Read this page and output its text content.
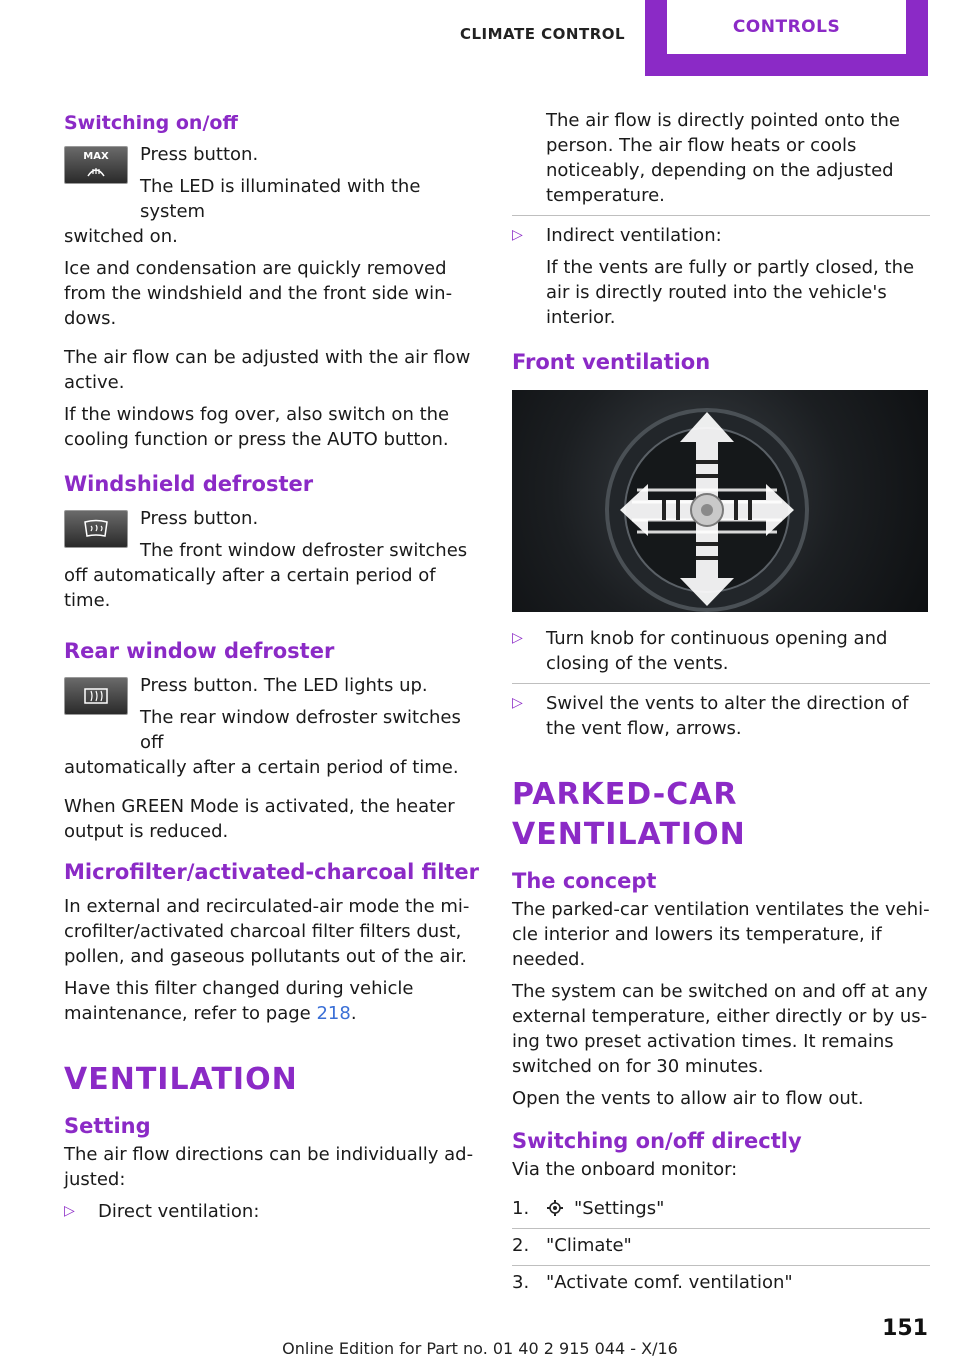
CLIMATE CONTROL	CONTROLS
Switching on/off
MAX	Press button.

The LED is illuminated with the system

switched on.

Ice and condensation are quickly removed from the windshield and the front side windows.

The air flow can be adjusted with the air flow active.

If the windows fog over, also switch on the cooling function or press the AUTO button.

Windshield defroster

Press button.

The front window defroster switches

off automatically after a certain period of time.

Rear window defroster

Press button. The LED lights up.

The rear window defroster switches off

automatically after a certain period of time.

When GREEN Mode is activated, the heater output is reduced.

Microfilter/activated-charcoal filter

In external and recirculated-air mode the microfilter/activated charcoal filter filters dust, pollen, and gaseous pollutants out of the air.

Have this filter changed during vehicle maintenance, refer to page 218.

VENTILATION
Setting

The air flow directions can be individually adjusted:

▷ Direct ventilation:

The air flow is directly pointed onto the person. The air flow heats or cools noticeably, depending on the adjusted temperature.

▷ Indirect ventilation:
If the vents are fully or partly closed, the air is directly routed into the vehicle's interior.
Front ventilation
▷ Turn knob for continuous opening and closing of the vents.
▷ Swivel the vents to alter the direction of the vent flow, arrows.
PARKED-CAR VENTILATION
The concept

The parked-car ventilation ventilates the vehicle interior and lowers its temperature, if needed.

The system can be switched on and off at any external temperature, either directly or by using two preset activation times. It remains switched on for 30 minutes.

Open the vents to allow air to flow out.

Switching on/off directly

Via the onboard monitor:

1. "Settings"
2. "Climate"
3. "Activate comf. ventilation"
151
Online Edition for Part no. 01 40 2 915 044 - X/16
